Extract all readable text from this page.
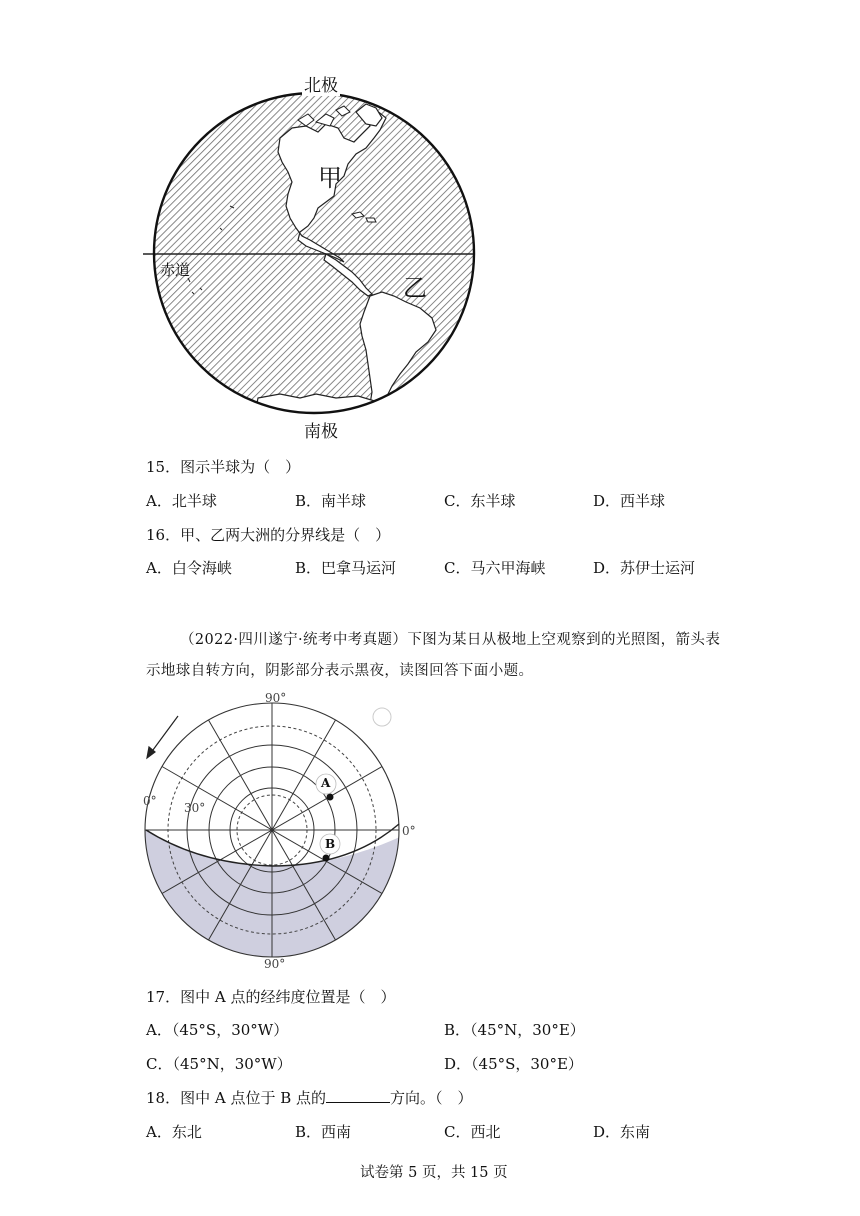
北极
南极
赤道
甲
乙
15．图示半球为（　）
A．北半球	B．南半球	C．东半球	D．西半球
16．甲、乙两大洲的分界线是（　）
A．白令海峡	B．巴拿马运河	C．马六甲海峡	D．苏伊士运河
（2022·四川遂宁·统考中考真题）下图为某日从极地上空观察到的光照图，箭头表
示地球自转方向，阴影部分表示黑夜，读图回答下面小题。
90°
90°
0°
0°
30°
A
B
17．图中 A 点的经纬度位置是（　）
A．（45°S，30°W）	B．（45°N，30°E）
C．（45°N，30°W）	D．（45°S，30°E）
18．图中 A 点位于 B 点的	方向。（　）
A．东北	B．西南	C．西北	D．东南
试卷第 5 页，共 15 页
